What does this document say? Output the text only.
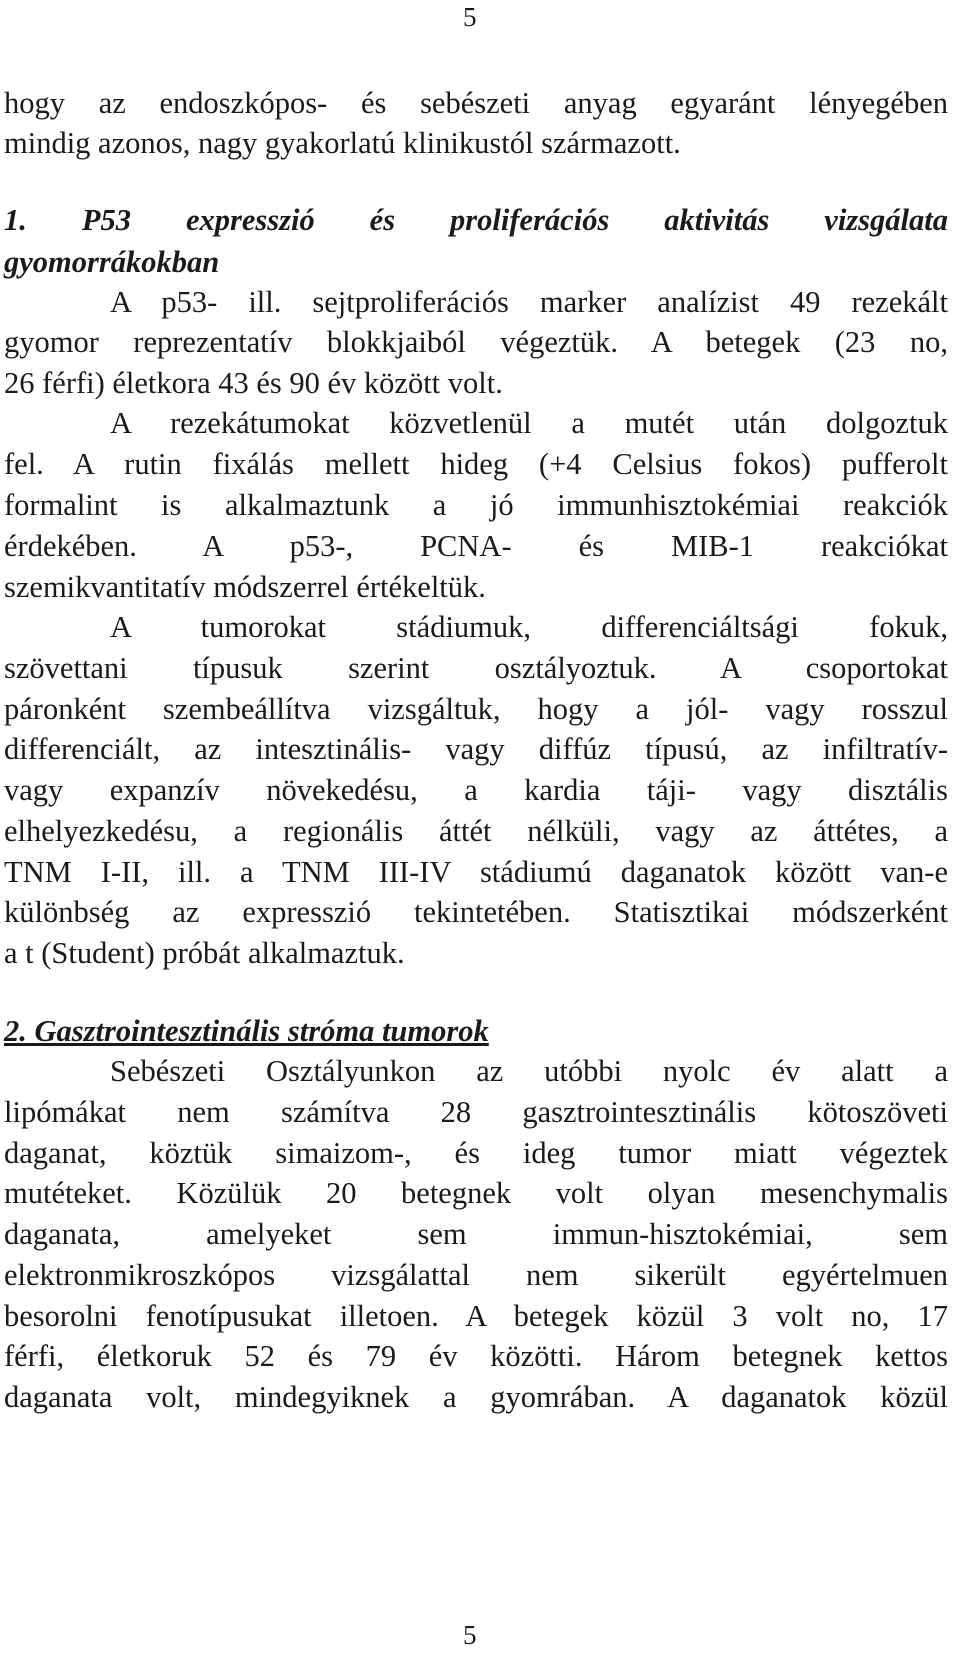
5
hogy az endoszkópos- és sebészeti anyag egyaránt lényegében
mindig azonos, nagy gyakorlatú klinikustól származott.
1. P53 expresszió és proliferációs aktivitás vizsgálata
gyomorrákokban
A p53- ill. sejtproliferációs marker analízist 49 rezekált
gyomor reprezentatív blokkjaiból végeztük. A betegek (23 no,
26 férfi) életkora 43 és 90 év között volt.
A rezekátumokat közvetlenül a mutét után dolgoztuk
fel. A rutin fixálás mellett hideg (+4 Celsius fokos) pufferolt
formalint is alkalmaztunk a jó immunhisztokémiai reakciók
érdekében. A p53-, PCNA- és MIB-1 reakciókat
szemikvantitatív módszerrel értékeltük.
A tumorokat stádiumuk, differenciáltsági fokuk,
szövettani típusuk szerint osztályoztuk. A csoportokat
páronként szembeállítva vizsgáltuk, hogy a jól- vagy rosszul
differenciált, az intesztinális- vagy diffúz típusú, az infiltratív-
vagy expanzív növekedésu, a kardia táji- vagy disztális
elhelyezkedésu, a regionális áttét nélküli, vagy az áttétes, a
TNM I-II, ill. a TNM III-IV stádiumú daganatok között van-e
különbség az expresszió tekintetében. Statisztikai módszerként
a t (Student) próbát alkalmaztuk.
2. Gasztrointesztinális stróma tumorok
Sebészeti Osztályunkon az utóbbi nyolc év alatt a
lipómákat nem számítva 28 gasztrointesztinális kötoszöveti
daganat, köztük simaizom-, és ideg tumor miatt végeztek
mutéteket. Közülük 20 betegnek volt olyan mesenchymalis
daganata, amelyeket sem immun-hisztokémiai, sem
elektronmikroszkópos vizsgálattal nem sikerült egyértelmuen
besorolni fenotípusukat illetoen. A betegek közül 3 volt no, 17
férfi, életkoruk 52 és 79 év közötti. Három betegnek kettos
daganata volt, mindegyiknek a gyomrában. A daganatok közül
5
